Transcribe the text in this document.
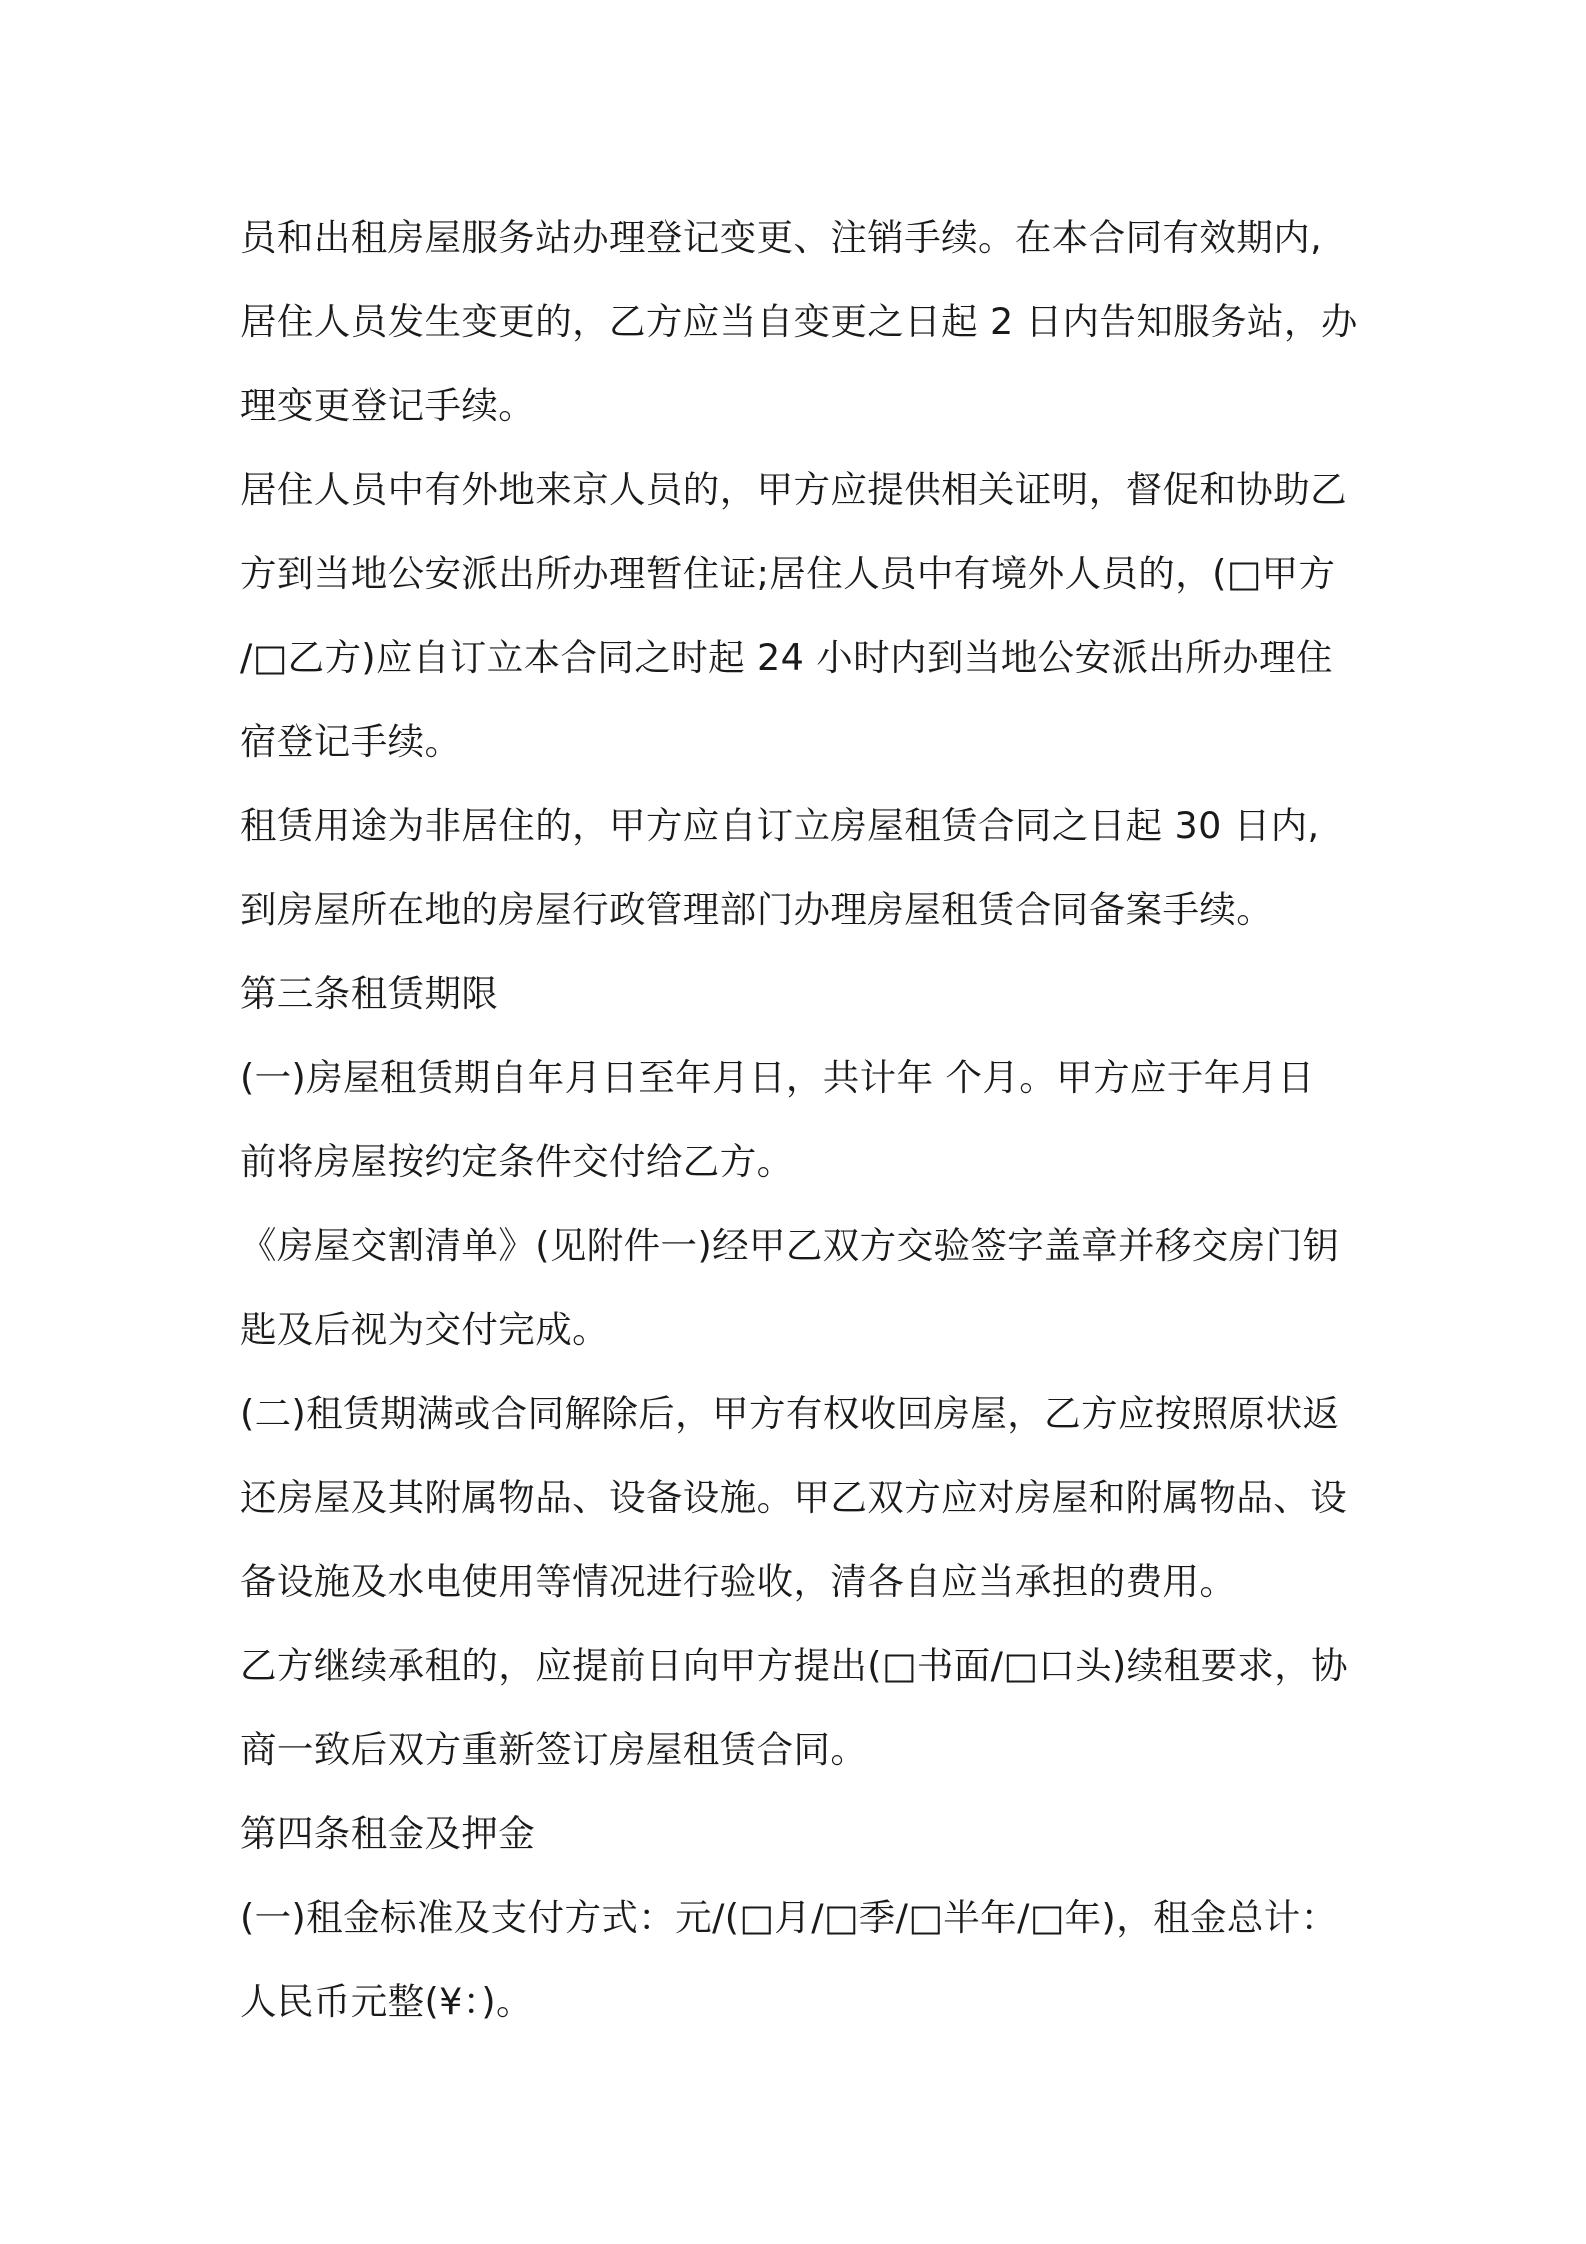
员和出租房屋服务站办理登记变更、注销手续。在本合同有效期内,
居住人员发生变更的，乙方应当自变更之日起 2 日内告知服务站，办
理变更登记手续。
居住人员中有外地来京人员的，甲方应提供相关证明，督促和协助乙
方到当地公安派出所办理暂住证;居住人员中有境外人员的，(□甲方
/□乙方)应自订立本合同之时起 24 小时内到当地公安派出所办理住
宿登记手续。
租赁用途为非居住的，甲方应自订立房屋租赁合同之日起 30 日内,
到房屋所在地的房屋行政管理部门办理房屋租赁合同备案手续。
第三条租赁期限
(一)房屋租赁期自年月日至年月日，共计年 个月。甲方应于年月日
前将房屋按约定条件交付给乙方。
《房屋交割清单》(见附件一)经甲乙双方交验签字盖章并移交房门钥
匙及后视为交付完成。
(二)租赁期满或合同解除后，甲方有权收回房屋，乙方应按照原状返
还房屋及其附属物品、设备设施。甲乙双方应对房屋和附属物品、设
备设施及水电使用等情况进行验收，清各自应当承担的费用。
乙方继续承租的，应提前日向甲方提出(□书面/□口头)续租要求，协
商一致后双方重新签订房屋租赁合同。
第四条租金及押金
(一)租金标准及支付方式：元/(□月/□季/□半年/□年)，租金总计：
人民币元整(¥：)。
